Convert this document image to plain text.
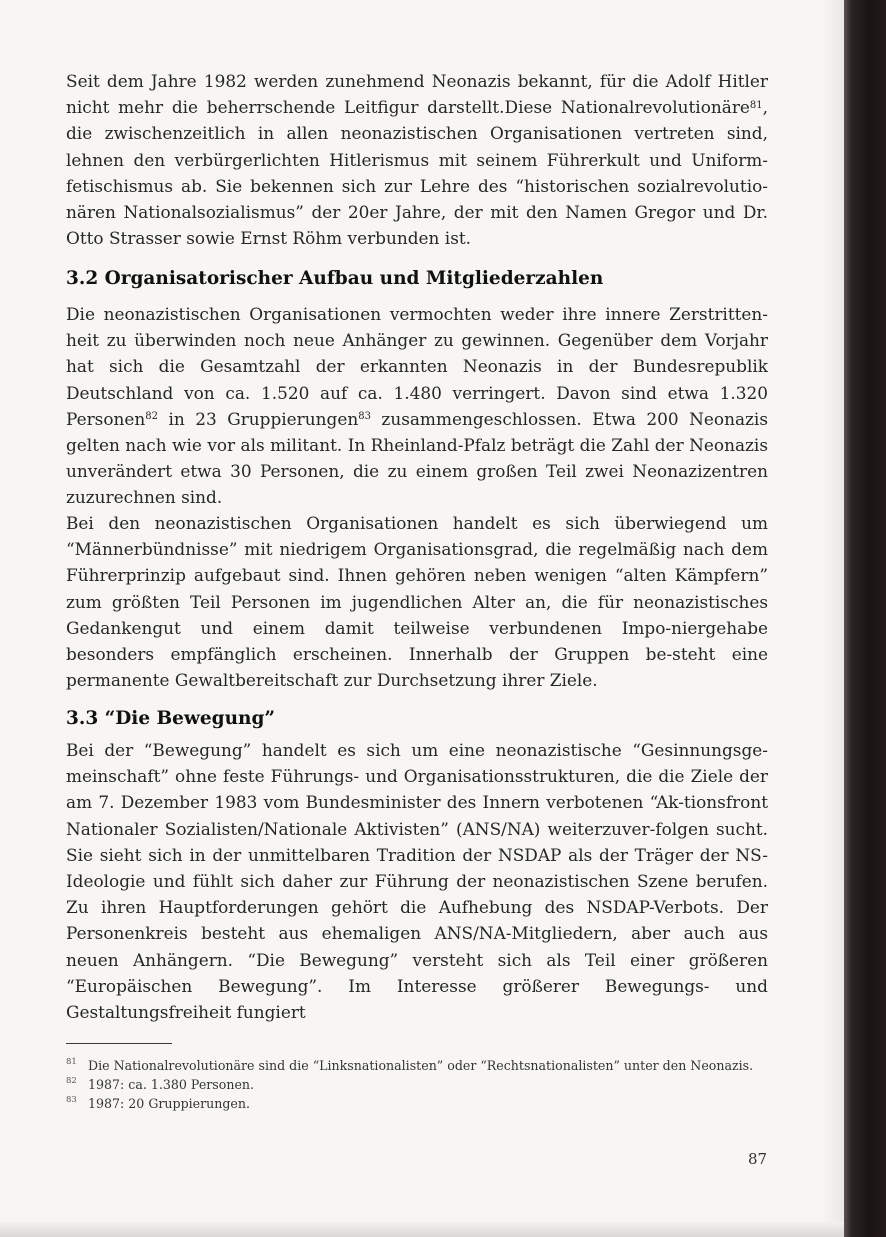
Seit dem Jahre 1982 werden zunehmend Neonazis bekannt, für die Adolf Hitler nicht mehr die beherrschende Leitfigur darstellt.Diese Nationalrevolutionäre$^{81}$, die zwischenzeitlich in allen neonazistischen Organisationen vertreten sind, lehnen den verbürgerlichten Hitlerismus mit seinem Führerkult und Uniform-fetischismus ab. Sie bekennen sich zur Lehre des “historischen sozialrevolutio-nären Nationalsozialismus” der 20er Jahre, der mit den Namen Gregor und Dr. Otto Strasser sowie Ernst Röhm verbunden ist.

3.2 Organisatorischer Aufbau und Mitgliederzahlen

Die neonazistischen Organisationen vermochten weder ihre innere Zerstritten-heit zu überwinden noch neue Anhänger zu gewinnen. Gegenüber dem Vorjahr hat sich die Gesamtzahl der erkannten Neonazis in der Bundesrepublik Deutschland von ca. 1.520 auf ca. 1.480 verringert. Davon sind etwa 1.320 Personen$^{82}$ in 23 Gruppierungen$^{83}$ zusammengeschlossen. Etwa 200 Neonazis gelten nach wie vor als militant. In Rheinland-Pfalz beträgt die Zahl der Neonazis unverändert etwa 30 Personen, die zu einem großen Teil zwei Neonazizentren zuzurechnen sind.

Bei den neonazistischen Organisationen handelt es sich überwiegend um “Männerbündnisse” mit niedrigem Organisationsgrad, die regelmäßig nach dem Führerprinzip aufgebaut sind. Ihnen gehören neben wenigen “alten Kämpfern” zum größten Teil Personen im jugendlichen Alter an, die für neonazistisches Gedankengut und einem damit teilweise verbundenen Impo-niergehabe besonders empfänglich erscheinen. Innerhalb der Gruppen be-steht eine permanente Gewaltbereitschaft zur Durchsetzung ihrer Ziele.

3.3 “Die Bewegung”

Bei der “Bewegung” handelt es sich um eine neonazistische “Gesinnungsge-meinschaft” ohne feste Führungs- und Organisationsstrukturen, die die Ziele der am 7. Dezember 1983 vom Bundesminister des Innern verbotenen “Ak-tionsfront Nationaler Sozialisten/Nationale Aktivisten” (ANS/NA) weiterzuver-folgen sucht. Sie sieht sich in der unmittelbaren Tradition der NSDAP als der Träger der NS-Ideologie und fühlt sich daher zur Führung der neonazistischen Szene berufen. Zu ihren Hauptforderungen gehört die Aufhebung des NSDAP-Verbots. Der Personenkreis besteht aus ehemaligen ANS/NA-Mitgliedern, aber auch aus neuen Anhängern. “Die Bewegung” versteht sich als Teil einer größeren “Europäischen Bewegung”. Im Interesse größerer Bewegungs- und Gestaltungsfreiheit fungiert

81 Die Nationalrevolutionäre sind die “Linksnationalisten” oder “Rechtsnationalisten” unter den Neonazis.

82 1987: ca. 1.380 Personen.

83 1987: 20 Gruppierungen.

87
